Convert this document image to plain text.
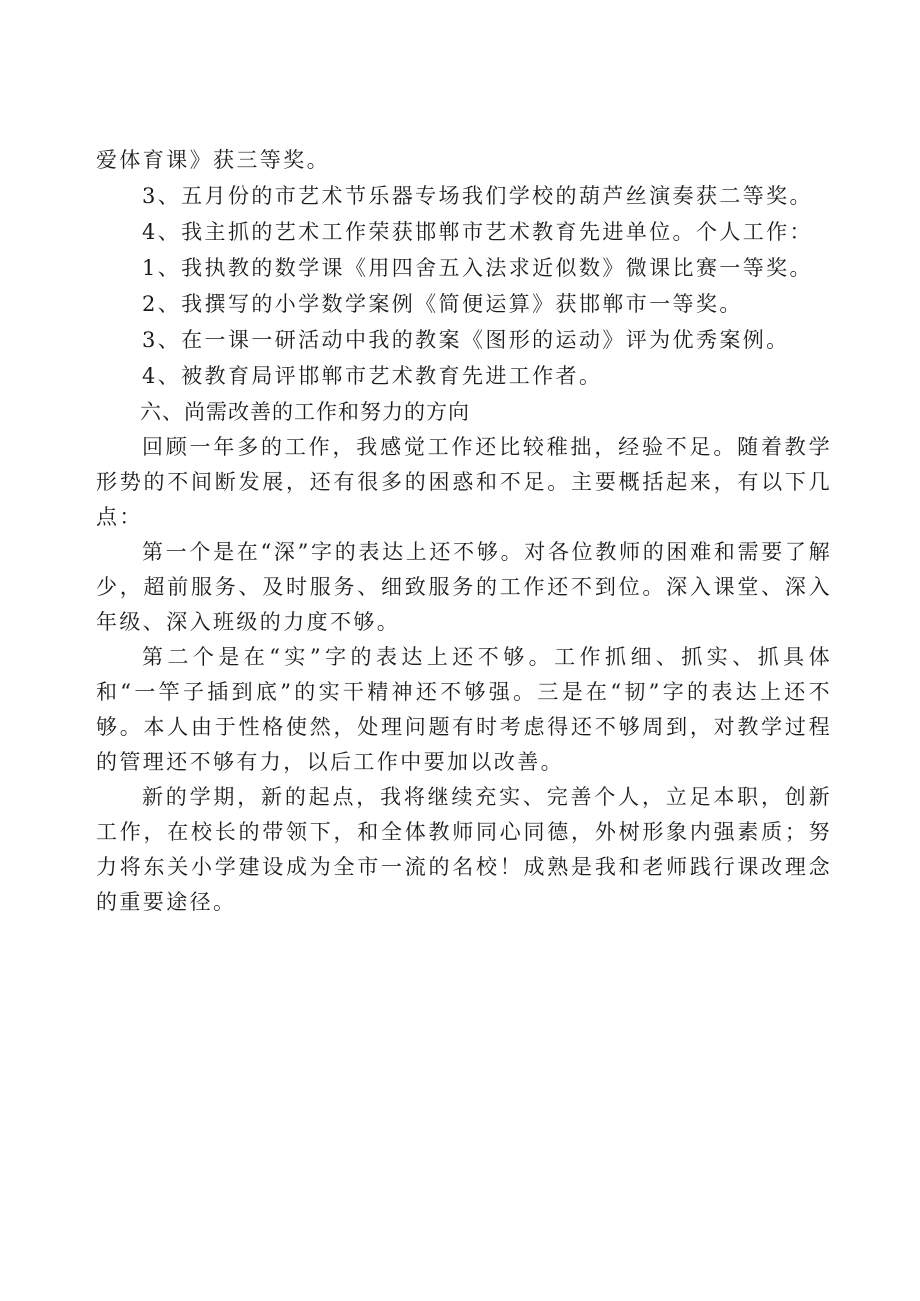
爱体育课》获三等奖。
3、五月份的市艺术节乐器专场我们学校的葫芦丝演奏获二等奖。
4、我主抓的艺术工作荣获邯郸市艺术教育先进单位。个人工作：
1、我执教的数学课《用四舍五入法求近似数》微课比赛一等奖。
2、我撰写的小学数学案例《简便运算》获邯郸市一等奖。
3、在一课一研活动中我的教案《图形的运动》评为优秀案例。
4、被教育局评邯郸市艺术教育先进工作者。
六、尚需改善的工作和努力的方向

回顾一年多的工作，我感觉工作还比较稚拙，经验不足。随着教学形势的不间断发展，还有很多的困惑和不足。主要概括起来，有以下几点：

第一个是在“深”字的表达上还不够。对各位教师的困难和需要了解少，超前服务、及时服务、细致服务的工作还不到位。深入课堂、深入年级、深入班级的力度不够。

第二个是在“实”字的表达上还不够。工作抓细、抓实、抓具体和“一竿子插到底”的实干精神还不够强。三是在“韧”字的表达上还不够。本人由于性格使然，处理问题有时考虑得还不够周到，对教学过程的管理还不够有力，以后工作中要加以改善。

新的学期，新的起点，我将继续充实、完善个人，立足本职，创新工作，在校长的带领下，和全体教师同心同德，外树形象内强素质；努力将东关小学建设成为全市一流的名校！成熟是我和老师践行课改理念的重要途径。
